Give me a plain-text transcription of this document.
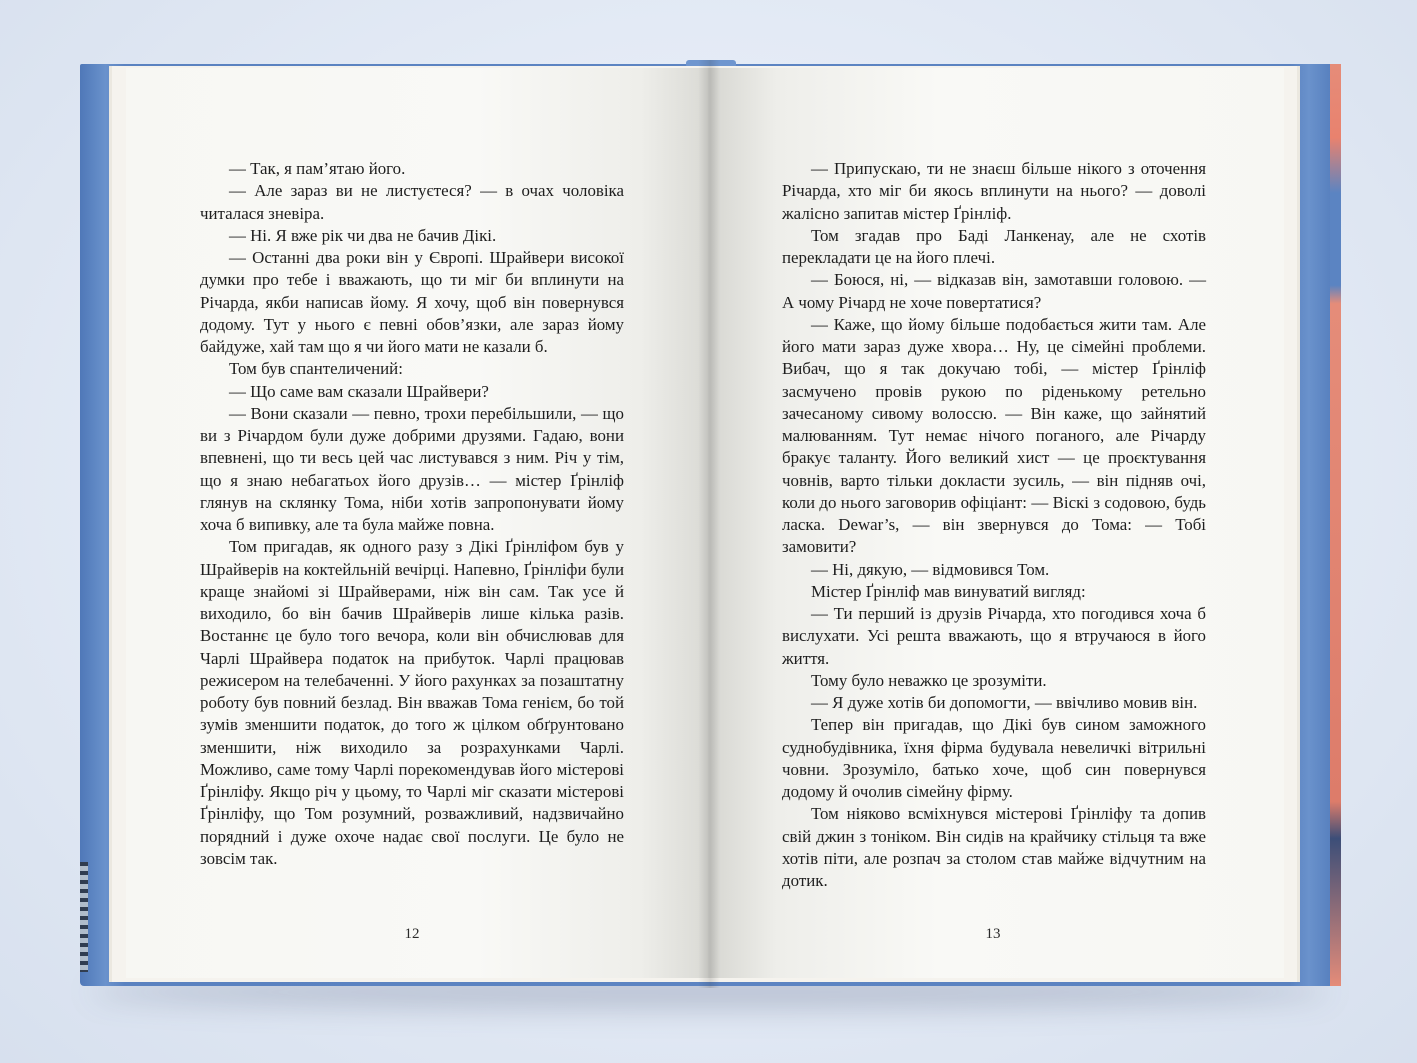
— Так, я пам’ятаю його.

— Але зараз ви не листуєтеся? — в очах чоловіка читалася зневіра.

— Ні. Я вже рік чи два не бачив Дікі.

— Останні два роки він у Європі. Шрайвери високої думки про тебе і вважають, що ти міг би вплинути на Річарда, якби написав йому. Я хочу, щоб він повернувся додому. Тут у нього є певні обов’язки, але зараз йому байдуже, хай там що я чи його мати не казали б.

Том був спантеличений:

— Що саме вам сказали Шрайвери?

— Вони сказали — певно, трохи перебільшили, — що ви з Річардом були дуже добрими друзями. Гадаю, вони впевнені, що ти весь цей час листувався з ним. Річ у тім, що я знаю небагатьох його друзів… — містер Ґрінліф глянув на склянку Тома, ніби хотів запропонувати йому хоча б випивку, але та була майже повна.

Том пригадав, як одного разу з Дікі Ґрінліфом був у Шрайверів на коктейльній вечірці. Напевно, Ґрінліфи були краще знайомі зі Шрайверами, ніж він сам. Так усе й виходило, бо він бачив Шрайверів лише кілька разів. Востаннє це було того вечора, коли він обчислював для Чарлі Шрайвера податок на прибуток. Чарлі працював режисером на телебаченні. У його рахунках за позаштатну роботу був повний безлад. Він вважав Тома генієм, бо той зумів зменшити податок, до того ж цілком обґрунтовано зменшити, ніж виходило за розрахунками Чарлі. Можливо, саме тому Чарлі порекомендував його містерові Ґрінліфу. Якщо річ у цьому, то Чарлі міг сказати містерові Ґрінліфу, що Том розумний, розважливий, надзвичайно порядний і дуже охоче надає свої послуги. Це було не зовсім так.

12

— Припускаю, ти не знаєш більше нікого з оточення Річарда, хто міг би якось вплинути на нього? — доволі жалісно запитав містер Ґрінліф.

Том згадав про Баді Ланкенау, але не схотів перекладати це на його плечі.

— Боюся, ні, — відказав він, замотавши головою. — А чому Річард не хоче повертатися?

— Каже, що йому більше подобається жити там. Але його мати зараз дуже хвора… Ну, це сімейні проблеми. Вибач, що я так докучаю тобі, — містер Ґрінліф засмучено провів рукою по рідeнькому ретельно зачесаному сивому волоссю. — Він каже, що зайнятий малюванням. Тут немає нічого поганого, але Річарду бракує таланту. Його великий хист — це проєктування човнів, варто тільки докласти зусиль, — він підняв очі, коли до нього заговорив офіціант: — Віскі з содовою, будь ласка. Dewar’s, — він звернувся до Тома: — Тобі замовити?

— Ні, дякую, — відмовився Том.

Містер Ґрінліф мав винуватий вигляд:

— Ти перший із друзів Річарда, хто погодився хоча б вислухати. Усі решта вважають, що я втручаюся в його життя.

Тому було неважко це зрозуміти.

— Я дуже хотів би допомогти, — ввічливо мовив він.

Тепер він пригадав, що Дікі був сином заможного суднобудівника, їхня фірма будувала невеличкі вітрильні човни. Зрозуміло, батько хоче, щоб син повернувся додому й очолив сімейну фірму.

Том ніяково всміхнувся містерові Ґрінліфу та допив свій джин з тоніком. Він сидів на крайчику стільця та вже хотів піти, але розпач за столом став майже відчутним на дотик.

13
